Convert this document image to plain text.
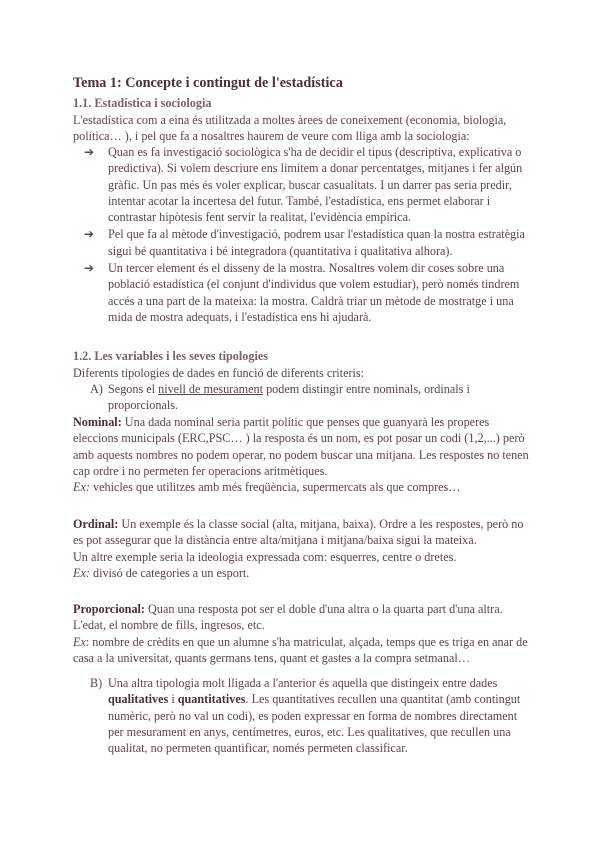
Tema 1: Concepte i contingut de l'estadística
1.1. Estadística i sociologia

L'estadística com a eina és utilitzada a moltes àrees de coneixement (economia, biologia, política… ), i pel que fa a nosaltres haurem de veure com lliga amb la sociologia:

➔ Quan es fa investigació sociològica s'ha de decidir el tipus (descriptiva, explicativa o predictiva). Si volem descriure ens limitem a donar percentatges, mitjanes i fer algún gràfic. Un pas més és voler explicar, buscar casualitats. I un darrer pas seria predir, intentar acotar la incertesa del futur. També, l'estadística, ens permet elaborar i contrastar hipòtesis fent servir la realitat, l'evidència empírica.
➔ Pel que fa al mètode d'investigació, podrem usar l'estadística quan la nostra estratègia sigui bé quantitativa i bé integradora (quantitativa i qualitativa alhora).
➔ Un tercer element és el disseny de la mostra. Nosaltres volem dir coses sobre una població estadística (el conjunt d'individus que volem estudiar), però només tindrem accés a una part de la mateixa: la mostra. Caldrà triar un mètode de mostratge i una mida de mostra adequats, i l'estadística ens hi ajudarà.
1.2. Les variables i les seves tipologies

Diferents tipologies de dades en funció de diferents criteris:

A) Segons el nivell de mesurament podem distingir entre nominals, ordinals i proporcionals.

Nominal: Una dada nominal seria partit polític que penses que guanyarà les properes eleccions municipals (ERC,PSC… ) la resposta és un nom, es pot posar un codi (1,2,...) però amb aquests nombres no podem operar, no podem buscar una mitjana. Les respostes no tenen cap ordre i no permeten fer operacions aritmètiques.
Ex: vehicles que utilitzes amb més freqüència, supermercats als que compres…

Ordinal: Un exemple és la classe social (alta, mitjana, baixa). Ordre a les respostes, però no es pot assegurar que la distància entre alta/mitjana i mitjana/baixa sigui la mateixa.
Un altre exemple seria la ideologia expressada com: esquerres, centre o dretes.
Ex: divisó de categories a un esport.

Proporcional: Quan una resposta pot ser el doble d'una altra o la quarta part d'una altra.
L'edat, el nombre de fills, ingresos, etc.
Ex: nombre de crèdits en que un alumne s'ha matriculat, alçada, temps que es triga en anar de casa a la universitat, quants germans tens, quant et gastes a la compra setmanal…

B) Una altra tipologia molt lligada a l'anterior és aquella que distingeix entre dades qualitatives i quantitatives. Les quantitatives recullen una quantitat (amb contingut numèric, però no val un codi), es poden expressar en forma de nombres directament per mesurament en anys, centímetres, euros, etc. Les qualitatives, que recullen una qualitat, no permeten quantificar, només permeten classificar.
